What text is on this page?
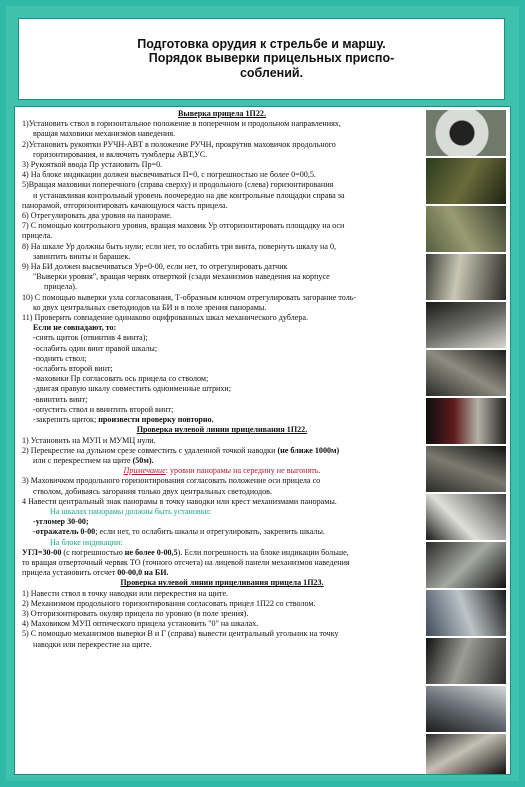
Подготовка орудия к стрельбе и маршу.
Порядок выверки прицельных приспо-
соблений.

Выверка прицела 1П22.

1)Установить ствол в горизонтальное положение в поперечном и продольном направлениях,

вращая маховики механизмов наведения.

2)Установить рукоятки РУЧН-АВТ в положение РУЧН, прокрутив маховичок продольного

горизонтирования, и включить тумблеры АВТ,УС.

3) Рукояткой ввода Пр установить Пр=0.

4) На блоке индикации должен высвечиваться П=0, с погрешностью не более 0=00,5.

5)Вращая маховики поперечного (справа сверху) и продольного (слева) горизонтирования

и устанавливая контрольный уровень поочередно на две контрольные площадки справа за

панорамой, отгоризонтировать качающуюся часть прицела.

6) Отрегулировать два уровня на панораме.

7) С помощью контрольного уровня, вращая маховик Ур отгоризонтировать площадку на оси

прицела.

8) На шкале Ур должны быть нули; если нет, то ослабить три винта, повернуть шкалу на 0,

завинтить винты и барашек.

9) На БИ должен высвечиваться Ур=0-00, если нет, то отрегулировать датчик

"Выверки уровня", вращая червяк отверткой (сзади механизмов наведения на корпусе

прицела).

10) С помощью выверки узла согласования, Т-образным ключом отрегулировать загорание толь-

ко двух центральных светодиодов на БИ и в поле зрения панорамы.

11) Проверить совпадение одинаково оцифрованных шкал механического дублера.

Если не совпадают, то:

-снять щиток (отвинтив 4 винта);

-ослабить один винт правой шкалы;

-поднять ствол;

-ослабить второй винт;

-маховики Пр согласовать ось прицела со стволом;

-двигая правую шкалу совместить одноименные штрихи;

-ввинтить винт;

-опустить ствол и ввинтить второй винт;

-закрепить щиток; произвести проверку повторно.

Проверка нулевой линии прицеливания 1П22.

1) Установить на МУП и МУМЦ нули.

2) Перекрестие на дульном срезе совместить с удаленной точкой наводки (не ближе 1000м)

или с перекрестием на щите (50м).

Примечание: уровни панорамы на середину не выгонять.

3) Маховичком продольного горизонтирования согласовать положение оси прицела со

стволом, добиваясь загорания только двух центральных светодиодов.

4 Навести центральный знак панорамы в точку наводки или крест механизмами панорамы.

На шкалах панорамы должны быть установки:

-угломер 30-00;

-отражатель 0-00; если нет, то ослабить шкалы и отрегулировать, закрепить шкалы.

На блоке индикации:

УГЛ=30-00 (с погрешностью не более 0-00,5). Если погрешность на блоке индикации больше,

то вращая отверточный червяк ТО (точного отсчета) на лицевой панели механизмов наведения

прицела установить отсчет 00-00,0 на БИ.

Проверка нулевой линии прицеливания прицела 1П23.

1) Навести ствол в точку наводки или перекрестия на щите.

2) Механизмом продольного горизонтирования согласовать прицел 1П22 со стволом.

3) Отгоризонтировать окуляр прицела по уровню (в поле зрения).

4) Маховиком МУП оптического прицела установить "0" на шкалах.

5) С помощью механизмов выверки В и Г (справа) вывести центральный угольник на точку

наводки или перекрестие на щите.
